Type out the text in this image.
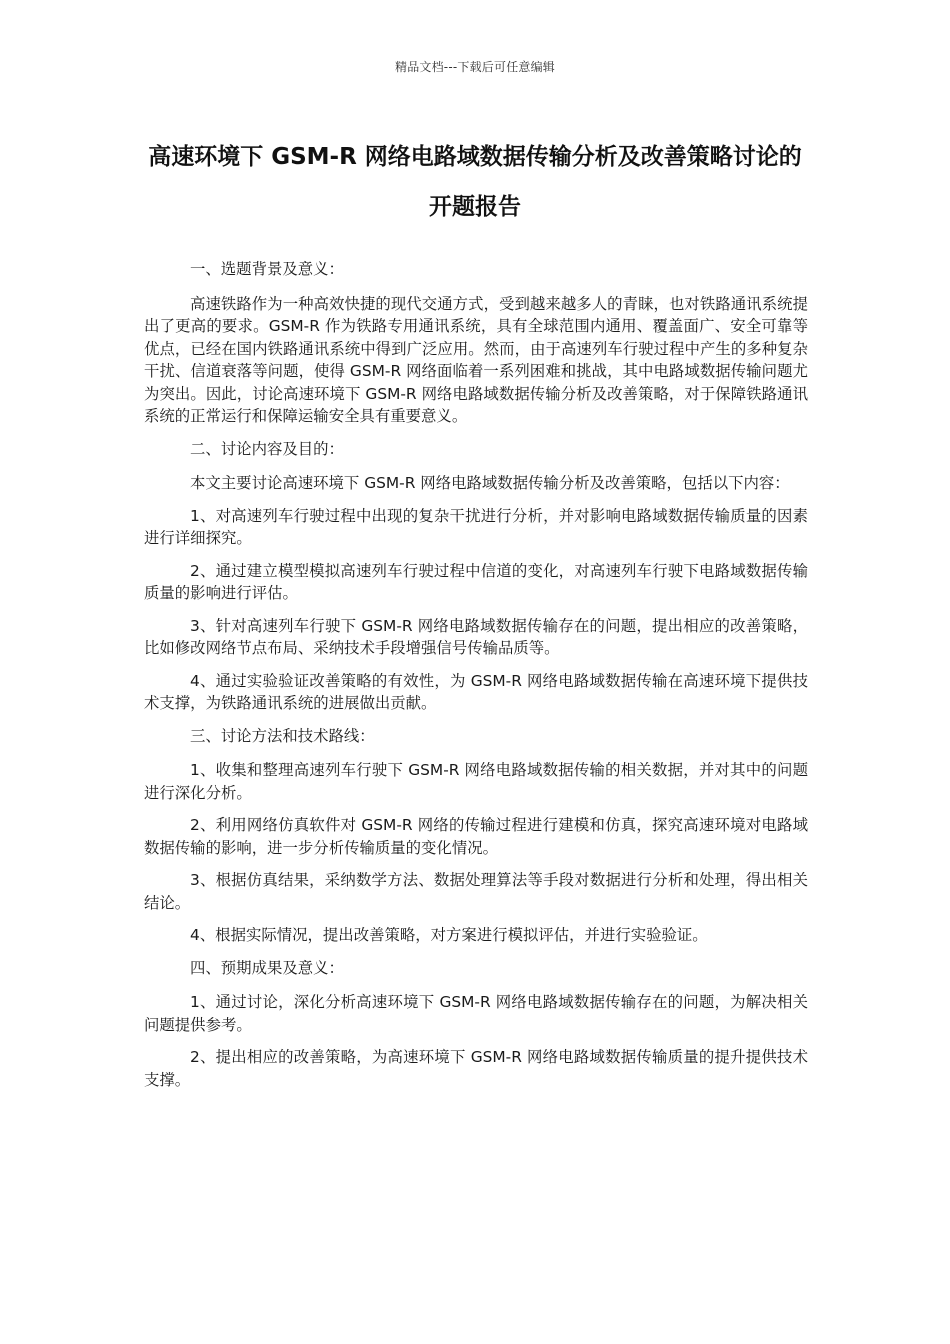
精品文档---下载后可任意编辑
高速环境下 GSM-R 网络电路域数据传输分析及改善策略讨论的开题报告

一、选题背景及意义：

高速铁路作为一种高效快捷的现代交通方式，受到越来越多人的青睐，也对铁路通讯系统提出了更高的要求。GSM-R 作为铁路专用通讯系统，具有全球范围内通用、覆盖面广、安全可靠等优点，已经在国内铁路通讯系统中得到广泛应用。然而，由于高速列车行驶过程中产生的多种复杂干扰、信道衰落等问题，使得 GSM-R 网络面临着一系列困难和挑战，其中电路域数据传输问题尤为突出。因此，讨论高速环境下 GSM-R 网络电路域数据传输分析及改善策略，对于保障铁路通讯系统的正常运行和保障运输安全具有重要意义。

二、讨论内容及目的：

本文主要讨论高速环境下 GSM-R 网络电路域数据传输分析及改善策略，包括以下内容：

1、对高速列车行驶过程中出现的复杂干扰进行分析，并对影响电路域数据传输质量的因素进行详细探究。

2、通过建立模型模拟高速列车行驶过程中信道的变化，对高速列车行驶下电路域数据传输质量的影响进行评估。

3、针对高速列车行驶下 GSM-R 网络电路域数据传输存在的问题，提出相应的改善策略，比如修改网络节点布局、采纳技术手段增强信号传输品质等。

4、通过实验验证改善策略的有效性，为 GSM-R 网络电路域数据传输在高速环境下提供技术支撑，为铁路通讯系统的进展做出贡献。

三、讨论方法和技术路线：

1、收集和整理高速列车行驶下 GSM-R 网络电路域数据传输的相关数据，并对其中的问题进行深化分析。

2、利用网络仿真软件对 GSM-R 网络的传输过程进行建模和仿真，探究高速环境对电路域数据传输的影响，进一步分析传输质量的变化情况。

3、根据仿真结果，采纳数学方法、数据处理算法等手段对数据进行分析和处理，得出相关结论。

4、根据实际情况，提出改善策略，对方案进行模拟评估，并进行实验验证。

四、预期成果及意义：

1、通过讨论，深化分析高速环境下 GSM-R 网络电路域数据传输存在的问题，为解决相关问题提供参考。

2、提出相应的改善策略，为高速环境下 GSM-R 网络电路域数据传输质量的提升提供技术支撑。
